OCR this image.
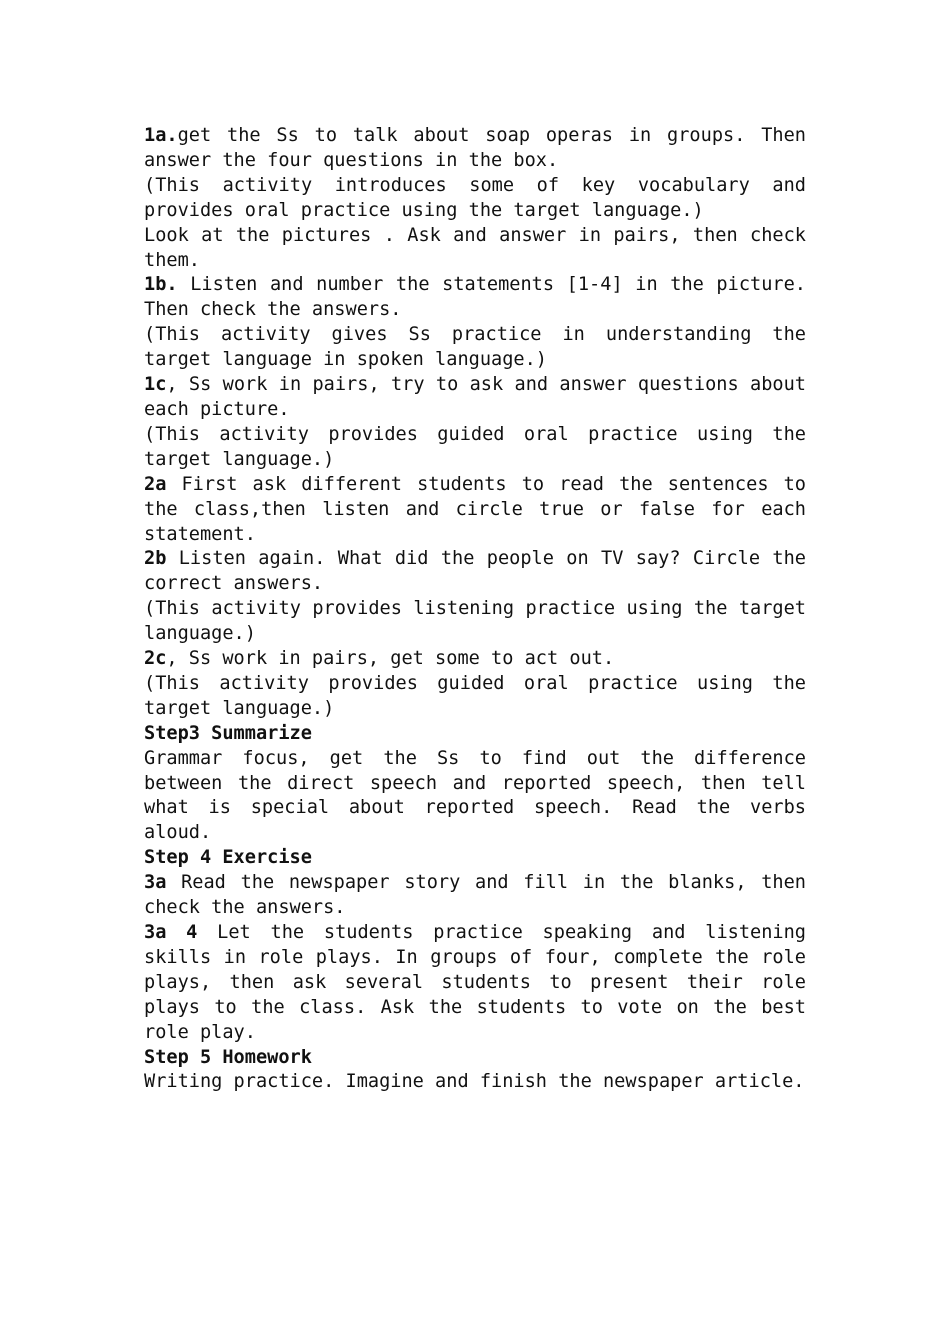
1a.get the Ss to talk about soap operas in groups. Then answer the four questions in the box.

(This activity introduces some of key vocabulary and provides oral practice using the target language.)

Look at the pictures . Ask and answer in pairs, then check them.

1b. Listen and number the statements [1-4] in the picture. Then check the answers.

(This activity gives Ss practice in understanding the target language in spoken language.)

1c, Ss work in pairs, try to ask and answer questions about each picture.

(This activity provides guided oral practice using the target language.)

2a First ask different students to read the sentences to the class,then listen and circle true or false for each statement.

2b Listen again. What did the people on TV say? Circle the correct answers.

(This activity provides listening practice using the target language.)

2c, Ss work in pairs, get some to act out.

(This activity provides guided oral practice using the target language.)

Step3 Summarize

Grammar focus, get the Ss to find out the difference between the direct speech and reported speech, then tell what is special about reported speech. Read the verbs aloud.

Step 4 Exercise

3a Read the newspaper story and fill in the blanks, then check the answers.

3a 4 Let the students practice speaking and listening skills in role plays. In groups of four, complete the role plays, then ask several students to present their role plays to the class. Ask the students to vote on the best role play.

Step 5 Homework

Writing practice. Imagine and finish the newspaper article.
